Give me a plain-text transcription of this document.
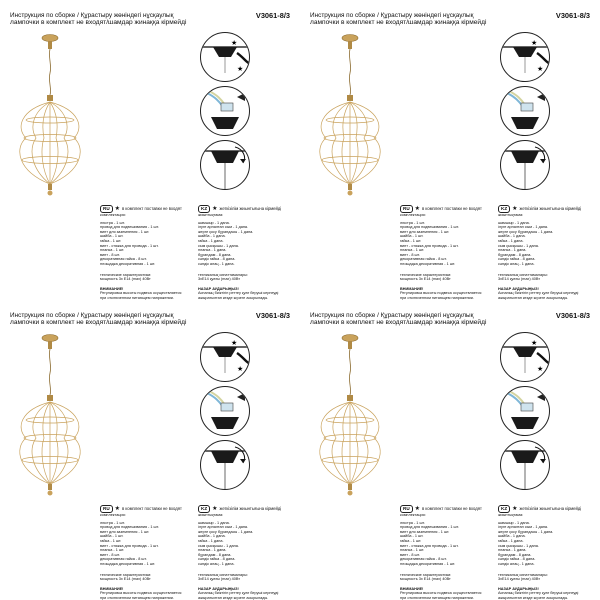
Инструкция по сборке / Құрастыру жөніндегі нұсқаулық	V3061-8/3
лампочки в комплект не входят/шамдар жинаққа кірмейді
★
★
RU ★ в комплект поставки не входят	KZ ★ жеткізілім жиынтығына кірмейді
комплектация:
люстра - 1 шт.
провод для подвешивания - 1 шт.
винт для заземления - 1 шт.
шайба - 1 шт.
гайка - 1 шт.
винт - стяжка для провода - 1 шт.
планка - 1 шт.
винт - 8 шт.
декоративная гайка - 8 шт.
площадка декоративная - 1 шт.
технические характеристики:
мощность 3x E14 (max) 40Вт
ВНИМАНИЕ!
Регулировка высоты подвеса осуществляется
при отключенном питающем напряжении.
жиынтықтама:
шамшыр - 1 дана.
ілуге арналған сым - 1 дана.
жерге қосу бұрандасы - 1 дана.
шайба - 1 дана.
гайка - 1 дана.
сым қысқышы - 1 дана.
планка - 1 дана.
бұрандам - 8 дана.
сәндік гайка - 8 дана.
сәндік алаң - 1 дана.
техникалық сипаттамалары:
3xE14 қуаты (max) 40Вт
НАЗАР АУДАРЫҢЫЗ!
Аспаның биіктігін реттеу қуат беруші кернеуді
ажыратылған кезде жүзеге асырылады.
Инструкция по сборке / Құрастыру жөніндегі нұсқаулық	V3061-8/3
лампочки в комплект не входят/шамдар жинаққа кірмейді
★
★
RU ★ в комплект поставки не входят	KZ ★ жеткізілім жиынтығына кірмейді
комплектация:
люстра - 1 шт.
провод для подвешивания - 1 шт.
винт для заземления - 1 шт.
шайба - 1 шт.
гайка - 1 шт.
винт - стяжка для провода - 1 шт.
планка - 1 шт.
винт - 8 шт.
декоративная гайка - 8 шт.
площадка декоративная - 1 шт.
технические характеристики:
мощность 3x E14 (max) 40Вт
ВНИМАНИЕ!
Регулировка высоты подвеса осуществляется
при отключенном питающем напряжении.
жиынтықтама:
шамшыр - 1 дана.
ілуге арналған сым - 1 дана.
жерге қосу бұрандасы - 1 дана.
шайба - 1 дана.
гайка - 1 дана.
сым қысқышы - 1 дана.
планка - 1 дана.
бұрандам - 8 дана.
сәндік гайка - 8 дана.
сәндік алаң - 1 дана.
техникалық сипаттамалары:
3xE14 қуаты (max) 40Вт
НАЗАР АУДАРЫҢЫЗ!
Аспаның биіктігін реттеу қуат беруші кернеуді
ажыратылған кезде жүзеге асырылады.
Инструкция по сборке / Құрастыру жөніндегі нұсқаулық	V3061-8/3
лампочки в комплект не входят/шамдар жинаққа кірмейді
★
★
RU ★ в комплект поставки не входят	KZ ★ жеткізілім жиынтығына кірмейді
комплектация:
люстра - 1 шт.
провод для подвешивания - 1 шт.
винт для заземления - 1 шт.
шайба - 1 шт.
гайка - 1 шт.
винт - стяжка для провода - 1 шт.
планка - 1 шт.
винт - 8 шт.
декоративная гайка - 8 шт.
площадка декоративная - 1 шт.
технические характеристики:
мощность 3x E14 (max) 40Вт
ВНИМАНИЕ!
Регулировка высоты подвеса осуществляется
при отключенном питающем напряжении.
жиынтықтама:
шамшыр - 1 дана.
ілуге арналған сым - 1 дана.
жерге қосу бұрандасы - 1 дана.
шайба - 1 дана.
гайка - 1 дана.
сым қысқышы - 1 дана.
планка - 1 дана.
бұрандам - 8 дана.
сәндік гайка - 8 дана.
сәндік алаң - 1 дана.
техникалық сипаттамалары:
3xE14 қуаты (max) 40Вт
НАЗАР АУДАРЫҢЫЗ!
Аспаның биіктігін реттеу қуат беруші кернеуді
ажыратылған кезде жүзеге асырылады.
Инструкция по сборке / Құрастыру жөніндегі нұсқаулық	V3061-8/3
лампочки в комплект не входят/шамдар жинаққа кірмейді
★
★
RU ★ в комплект поставки не входят	KZ ★ жеткізілім жиынтығына кірмейді
комплектация:
люстра - 1 шт.
провод для подвешивания - 1 шт.
винт для заземления - 1 шт.
шайба - 1 шт.
гайка - 1 шт.
винт - стяжка для провода - 1 шт.
планка - 1 шт.
винт - 8 шт.
декоративная гайка - 8 шт.
площадка декоративная - 1 шт.
технические характеристики:
мощность 3x E14 (max) 40Вт
ВНИМАНИЕ!
Регулировка высоты подвеса осуществляется
при отключенном питающем напряжении.
жиынтықтама:
шамшыр - 1 дана.
ілуге арналған сым - 1 дана.
жерге қосу бұрандасы - 1 дана.
шайба - 1 дана.
гайка - 1 дана.
сым қысқышы - 1 дана.
планка - 1 дана.
бұрандам - 8 дана.
сәндік гайка - 8 дана.
сәндік алаң - 1 дана.
техникалық сипаттамалары:
3xE14 қуаты (max) 40Вт
НАЗАР АУДАРЫҢЫЗ!
Аспаның биіктігін реттеу қуат беруші кернеуді
ажыратылған кезде жүзеге асырылады.
